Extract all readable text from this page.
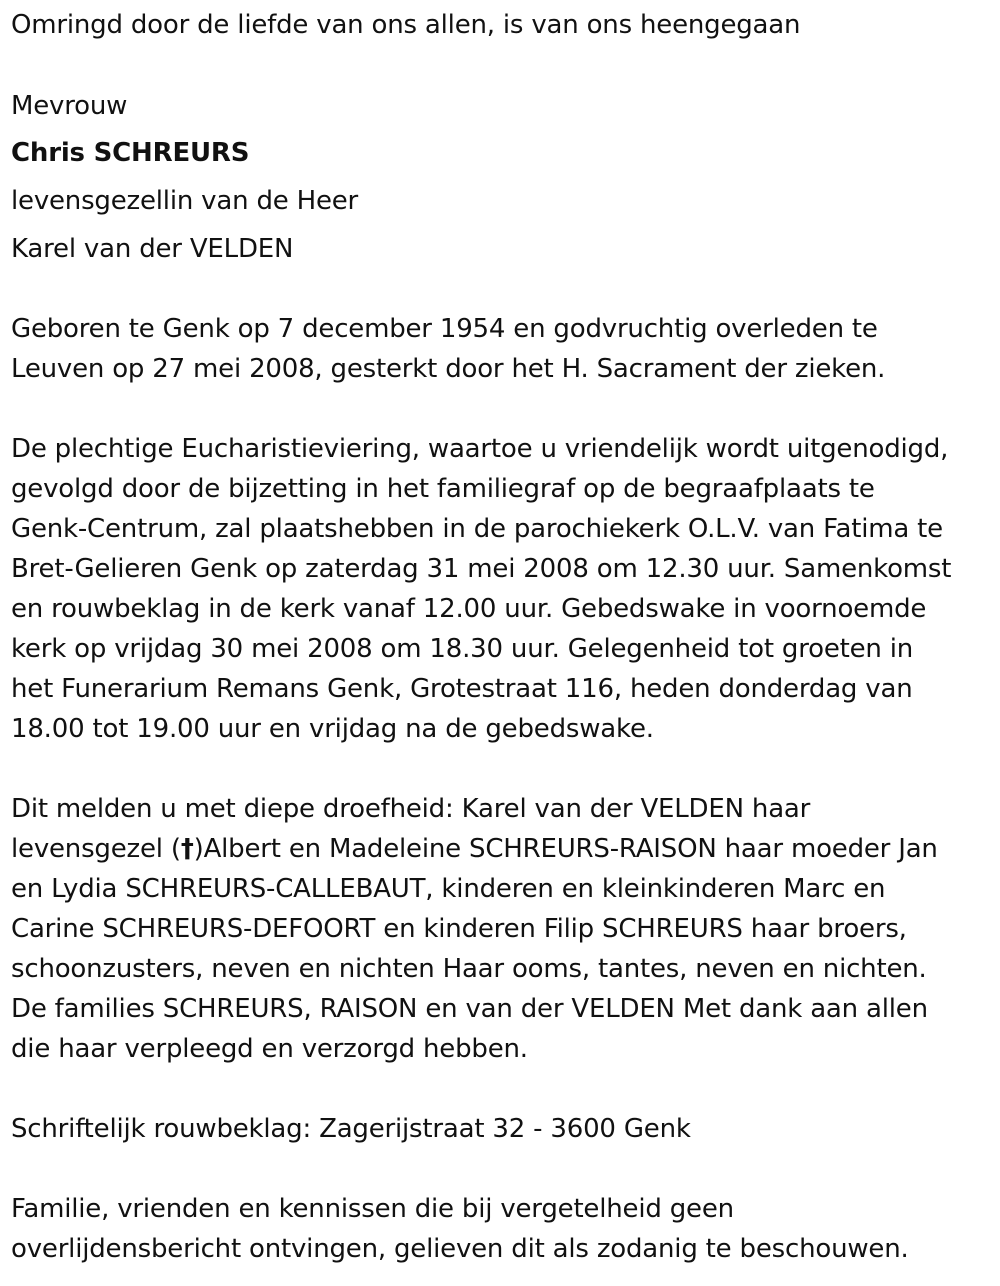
Omringd door de liefde van ons allen, is van ons heengegaan
Mevrouw
Chris SCHREURS
levensgezellin van de Heer
Karel van der VELDEN
Geboren te Genk op 7 december 1954 en godvruchtig overleden te
Leuven op 27 mei 2008, gesterkt door het H. Sacrament der zieken.
De plechtige Eucharistieviering, waartoe u vriendelijk wordt uitgenodigd,
gevolgd door de bijzetting in het familiegraf op de begraafplaats te
Genk-Centrum, zal plaatshebben in de parochiekerk O.L.V. van Fatima te
Bret-Gelieren Genk op zaterdag 31 mei 2008 om 12.30 uur. Samenkomst
en rouwbeklag in de kerk vanaf 12.00 uur. Gebedswake in voornoemde
kerk op vrijdag 30 mei 2008 om 18.30 uur. Gelegenheid tot groeten in
het Funerarium Remans Genk, Grotestraat 116, heden donderdag van
18.00 tot 19.00 uur en vrijdag na de gebedswake.
Dit melden u met diepe droefheid: Karel van der VELDEN haar
levensgezel (†)Albert en Madeleine SCHREURS-RAISON haar moeder Jan
en Lydia SCHREURS-CALLEBAUT, kinderen en kleinkinderen Marc en
Carine SCHREURS-DEFOORT en kinderen Filip SCHREURS haar broers,
schoonzusters, neven en nichten Haar ooms, tantes, neven en nichten.
De families SCHREURS, RAISON en van der VELDEN Met dank aan allen
die haar verpleegd en verzorgd hebben.
Schriftelijk rouwbeklag: Zagerijstraat 32 - 3600 Genk
Familie, vrienden en kennissen die bij vergetelheid geen
overlijdensbericht ontvingen, gelieven dit als zodanig te beschouwen.
